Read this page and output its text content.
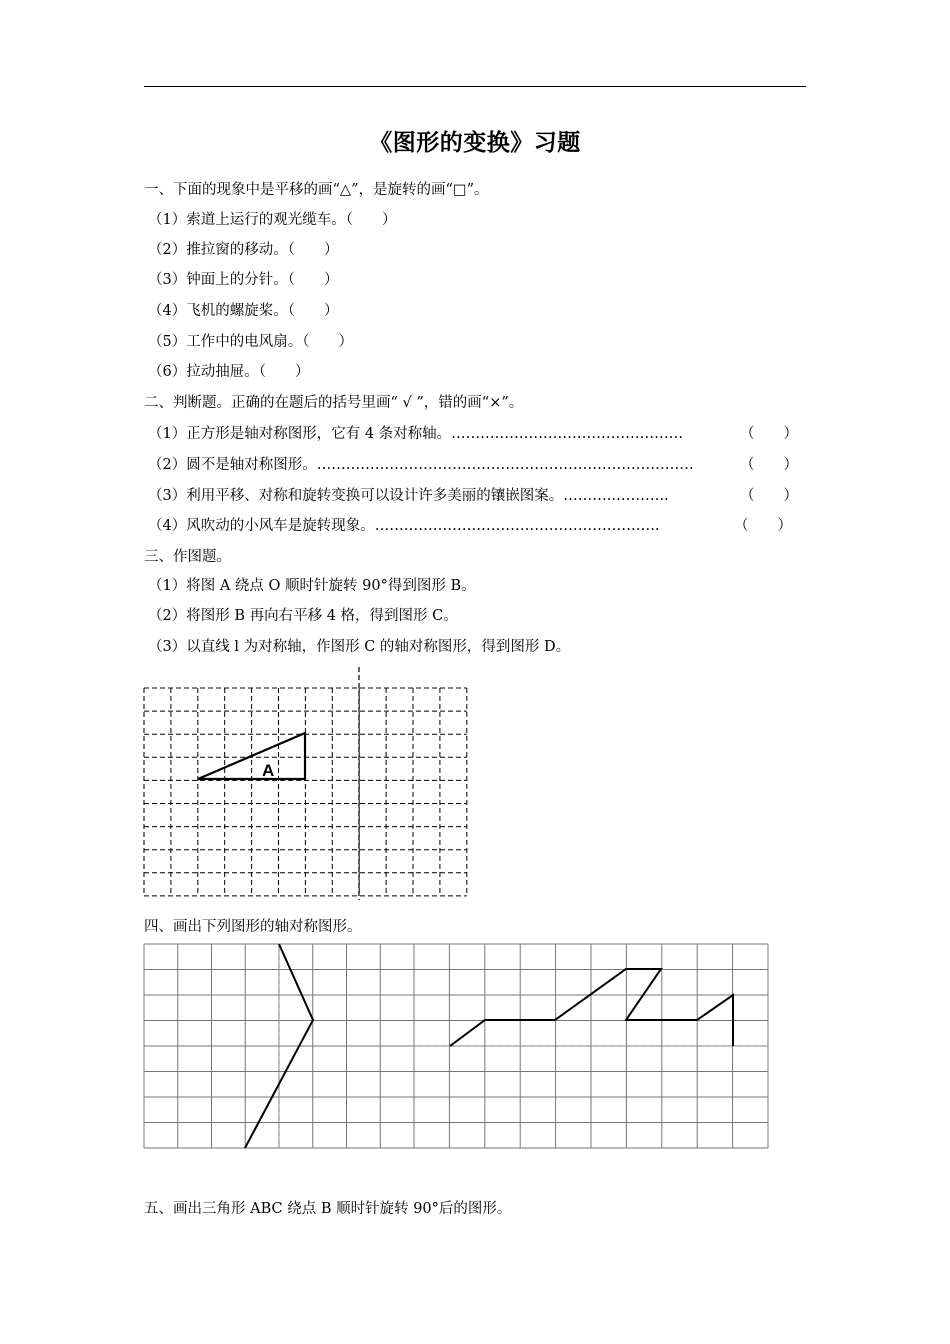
《图形的变换》习题
一、下面的现象中是平移的画“△”，是旋转的画“□”。
（1）索道上运行的观光缆车。（　　）
（2）推拉窗的移动。（　　）
（3）钟面上的分针。（　　）
（4）飞机的螺旋桨。（　　）
（5）工作中的电风扇。（　　）
（6）拉动抽屉。（　　）
二、判断题。正确的在题后的括号里画“ √ ”，错的画“×”。
（1）正方形是轴对称图形，它有 4 条对称轴。…………………………………………	（　　）
（2）圆不是轴对称图形。……………………………………………………………………	（　　）
（3）利用平移、对称和旋转变换可以设计许多美丽的镶嵌图案。………..………..	（　　）
（4）风吹动的小风车是旋转现象。…………………………………………………..	（　　）
三、作图题。
（1）将图 A 绕点 O 顺时针旋转 90°得到图形 B。
（2）将图形 B 再向右平移 4 格，得到图形 C。
（3）以直线 l 为对称轴，作图形 C 的轴对称图形，得到图形 D。
A
四、画出下列图形的轴对称图形。
五、画出三角形 ABC 绕点 B 顺时针旋转 90°后的图形。
